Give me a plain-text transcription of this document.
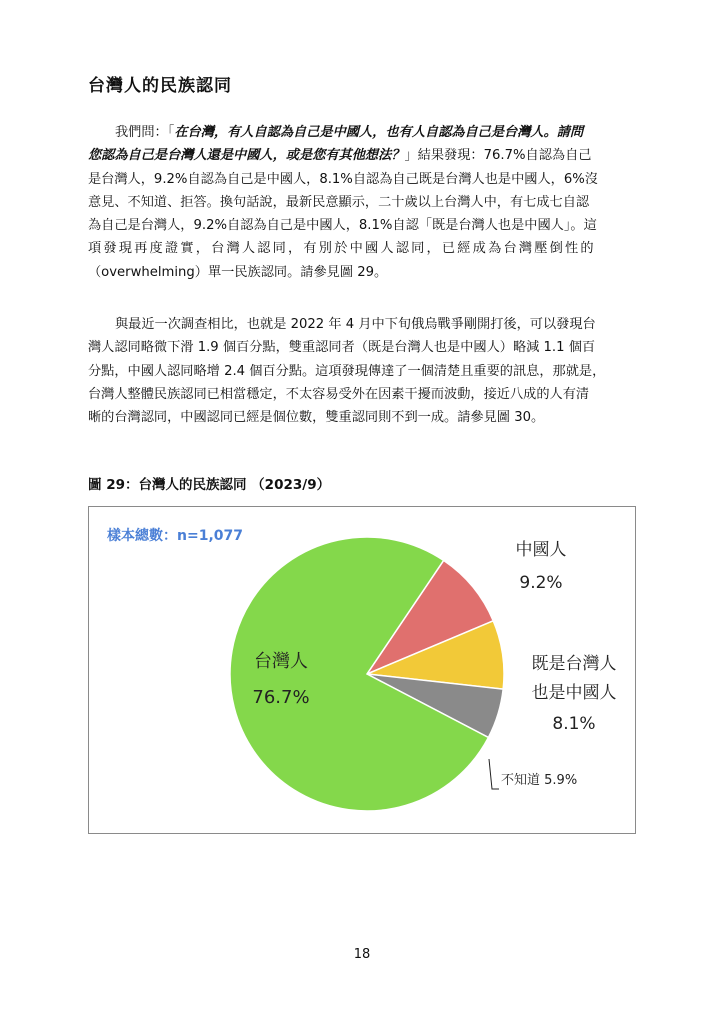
台灣人的民族認同
我們問：「在台灣，有人自認為自己是中國人，也有人自認為自己是台灣人。請問
您認為自己是台灣人還是中國人，或是您有其他想法？」結果發現：76.7%自認為自己
是台灣人，9.2%自認為自己是中國人，8.1%自認為自己既是台灣人也是中國人，6%沒
意見、不知道、拒答。換句話說，最新民意顯示，二十歲以上台灣人中，有七成七自認
為自己是台灣人，9.2%自認為自己是中國人，8.1%自認「既是台灣人也是中國人」。這
項發現再度證實，台灣人認同，有別於中國人認同，已經成為台灣壓倒性的
（overwhelming）單一民族認同。請參見圖 29。
與最近一次調查相比，也就是 2022 年 4 月中下旬俄烏戰爭剛開打後，可以發現台
灣人認同略微下滑 1.9 個百分點，雙重認同者（既是台灣人也是中國人）略減 1.1 個百
分點，中國人認同略增 2.4 個百分點。這項發現傳達了一個清楚且重要的訊息，那就是，
台灣人整體民族認同已相當穩定，不太容易受外在因素干擾而波動，接近八成的人有清
晰的台灣認同，中國認同已經是個位數，雙重認同則不到一成。請參見圖 30。
圖 29：台灣人的民族認同 （2023/9）
樣本總數：n=1,077
台灣人
76.7%
中國人
9.2%
既是台灣人
也是中國人
8.1%
不知道 5.9%
18
